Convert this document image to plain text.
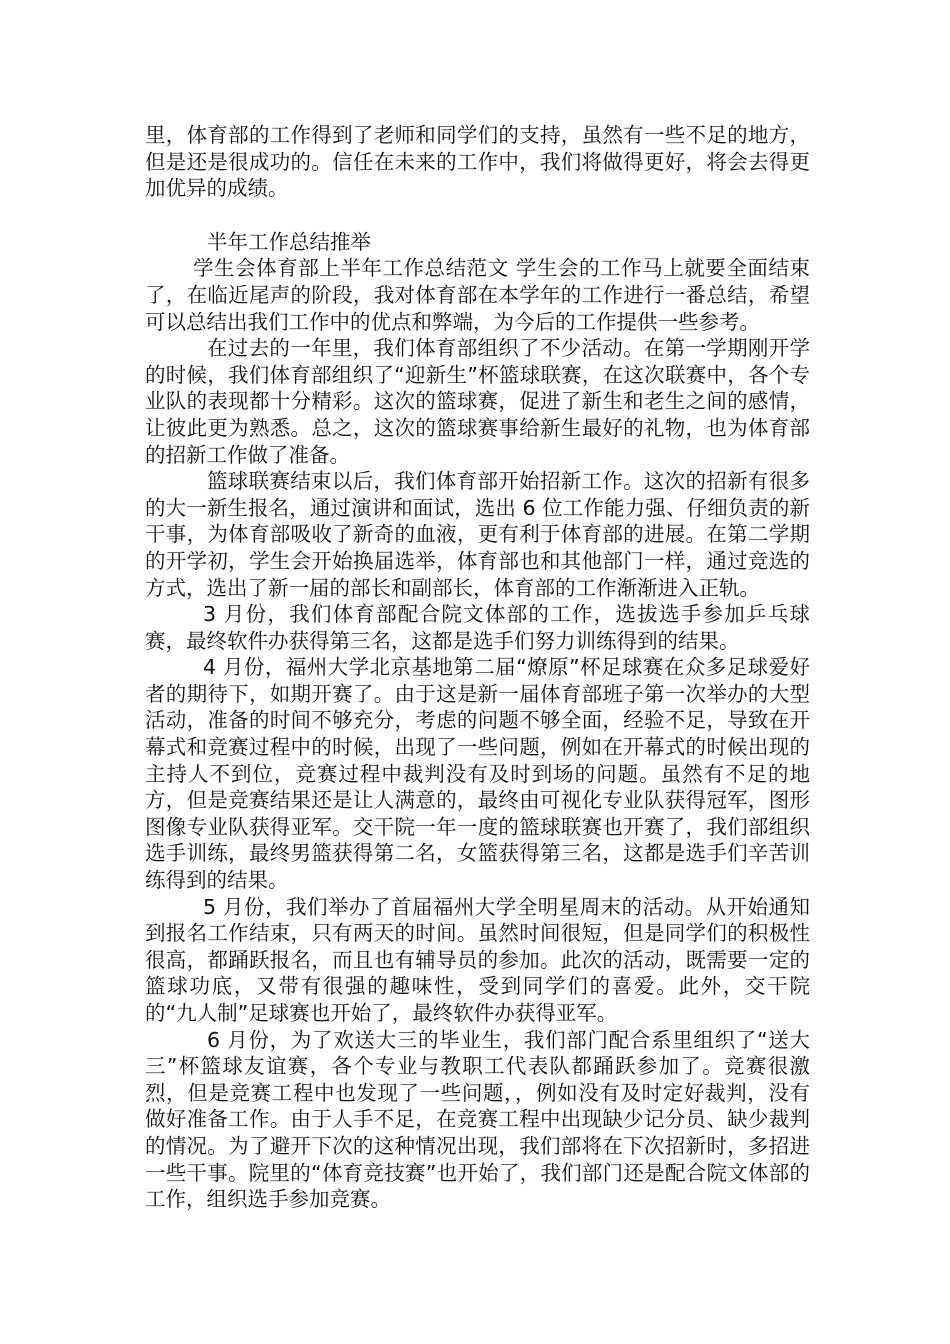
里，体育部的工作得到了老师和同学们的支持，虽然有一些不足的地方，但是还是很成功的。信任在未来的工作中，我们将做得更好，将会去得更加优异的成绩。

半年工作总结推举

学生会体育部上半年工作总结范文 学生会的工作马上就要全面结束了，在临近尾声的阶段，我对体育部在本学年的工作进行一番总结，希望可以总结出我们工作中的优点和弊端，为今后的工作提供一些参考。

在过去的一年里，我们体育部组织了不少活动。在第一学期刚开学的时候，我们体育部组织了“迎新生”杯篮球联赛，在这次联赛中，各个专业队的表现都十分精彩。这次的篮球赛，促进了新生和老生之间的感情，让彼此更为熟悉。总之，这次的篮球赛事给新生最好的礼物，也为体育部的招新工作做了准备。

篮球联赛结束以后，我们体育部开始招新工作。这次的招新有很多的大一新生报名，通过演讲和面试，选出 6 位工作能力强、仔细负责的新干事，为体育部吸收了新奇的血液，更有利于体育部的进展。在第二学期的开学初，学生会开始换届选举，体育部也和其他部门一样，通过竞选的方式，选出了新一届的部长和副部长，体育部的工作渐渐进入正轨。

3 月份，我们体育部配合院文体部的工作，选拔选手参加乒乓球赛，最终软件办获得第三名，这都是选手们努力训练得到的结果。

4 月份，福州大学北京基地第二届“燎原”杯足球赛在众多足球爱好者的期待下，如期开赛了。由于这是新一届体育部班子第一次举办的大型活动，准备的时间不够充分，考虑的问题不够全面，经验不足，导致在开幕式和竞赛过程中的时候，出现了一些问题，例如在开幕式的时候出现的主持人不到位，竞赛过程中裁判没有及时到场的问题。虽然有不足的地方，但是竞赛结果还是让人满意的，最终由可视化专业队获得冠军，图形图像专业队获得亚军。交干院一年一度的篮球联赛也开赛了，我们部组织选手训练，最终男篮获得第二名，女篮获得第三名，这都是选手们辛苦训练得到的结果。

5 月份，我们举办了首届福州大学全明星周末的活动。从开始通知到报名工作结束，只有两天的时间。虽然时间很短，但是同学们的积极性很高，都踊跃报名，而且也有辅导员的参加。此次的活动，既需要一定的篮球功底，又带有很强的趣味性，受到同学们的喜爱。此外，交干院的“九人制”足球赛也开始了，最终软件办获得亚军。

6 月份，为了欢送大三的毕业生，我们部门配合系里组织了“送大三”杯篮球友谊赛，各个专业与教职工代表队都踊跃参加了。竞赛很激烈，但是竞赛工程中也发现了一些问题，，例如没有及时定好裁判，没有做好准备工作。由于人手不足，在竞赛工程中出现缺少记分员、缺少裁判的情况。为了避开下次的这种情况出现，我们部将在下次招新时，多招进一些干事。院里的“体育竞技赛”也开始了，我们部门还是配合院文体部的工作，组织选手参加竞赛。
